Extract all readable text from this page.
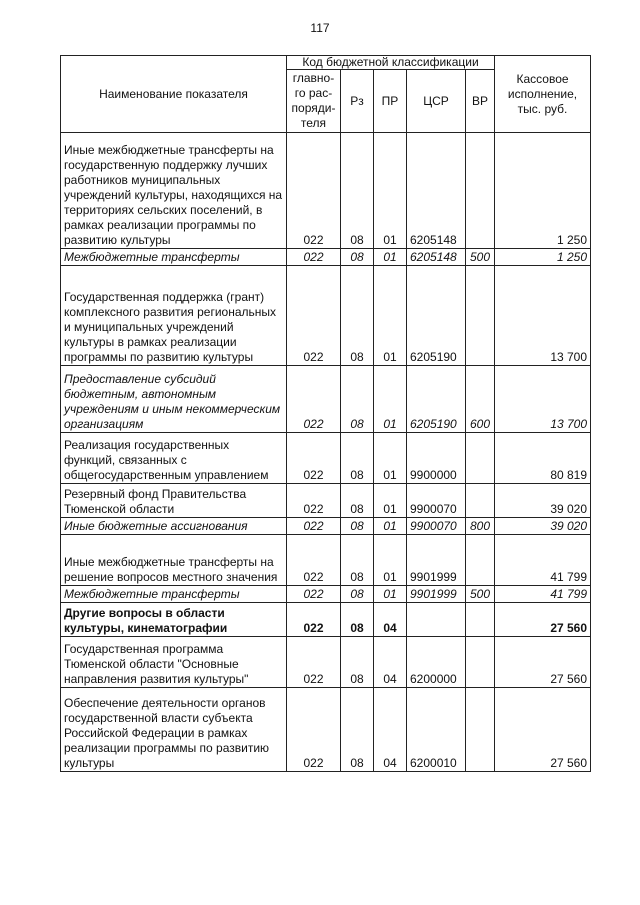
117
Наименование показателя	Код бюджетной классификации					Кассовое исполнение, тыс. руб.
	главно-го рас-поряди-теля	Рз	ПР	ЦСР	ВР	
Иные межбюджетные трансферты на государственную поддержку лучших работников муниципальных учреждений культуры, находящихся на территориях сельских поселений, в рамках реализации программы по развитию культуры	022	08	01	6205148		1 250
Межбюджетные трансферты	022	08	01	6205148	500	1 250
Государственная поддержка (грант) комплексного развития региональных и муниципальных учреждений культуры в рамках реализации программы по развитию культуры	022	08	01	6205190		13 700
Предоставление субсидий бюджетным, автономным учреждениям и иным некоммерческим организациям	022	08	01	6205190	600	13 700
Реализация государственных функций, связанных с общегосударственным управлением	022	08	01	9900000		80 819
Резервный фонд Правительства Тюменской области	022	08	01	9900070		39 020
Иные бюджетные ассигнования	022	08	01	9900070	800	39 020
Иные межбюджетные трансферты на решение вопросов местного значения	022	08	01	9901999		41 799
Межбюджетные трансферты	022	08	01	9901999	500	41 799
Другие вопросы в области культуры, кинематографии	022	08	04			27 560
Государственная программа Тюменской области "Основные направления развития культуры"	022	08	04	6200000		27 560
Обеспечение деятельности органов государственной власти субъекта Российской Федерации в рамках реализации программы по развитию культуры	022	08	04	6200010		27 560
